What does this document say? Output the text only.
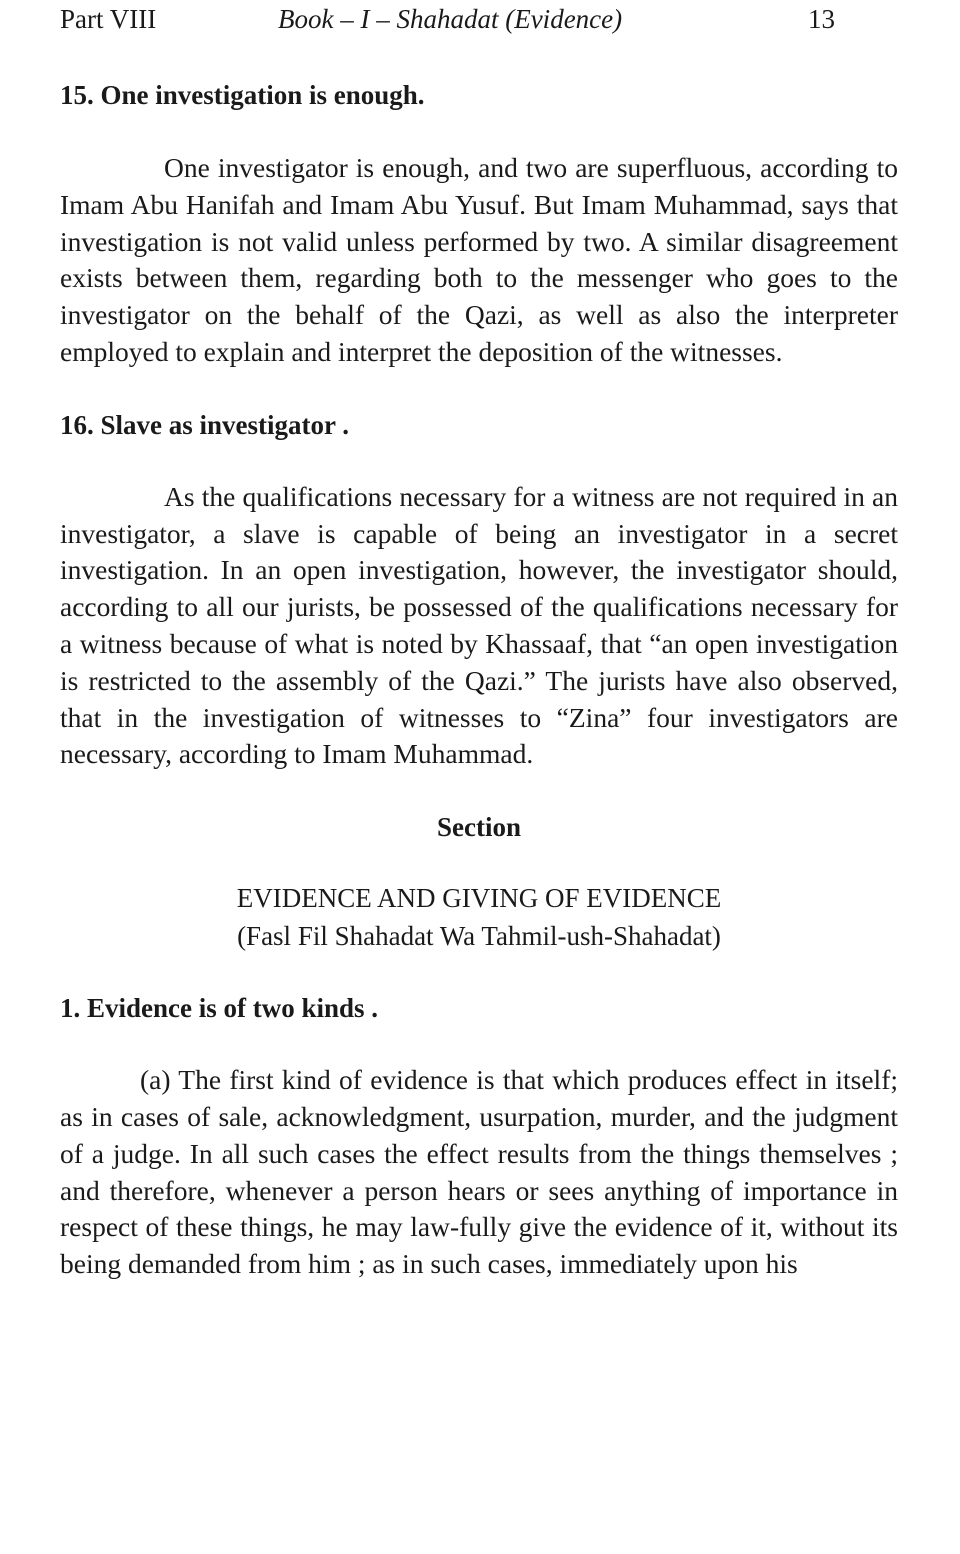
Part VIII	Book – I – Shahadat (Evidence)	13
15. One investigation is enough.

One investigator is enough, and two are superfluous, according to Imam Abu Hanifah and Imam Abu Yusuf. But Imam Muhammad, says that investigation is not valid unless performed by two. A similar disagreement exists between them, regarding both to the messenger who goes to the investigator on the behalf of the Qazi, as well as also the interpreter employed to explain and interpret the deposition of the witnesses.

16. Slave as investigator .

As the qualifications necessary for a witness are not required in an investigator, a slave is capable of being an investigator in a secret investigation. In an open investigation, however, the investigator should, according to all our jurists, be possessed of the qualifications necessary for a witness because of what is noted by Khassaaf, that “an open investigation is restricted to the assembly of the Qazi.” The jurists have also observed, that in the investigation of witnesses to “Zina” four investigators are necessary, according to Imam Muhammad.

Section
EVIDENCE AND GIVING OF EVIDENCE
(Fasl Fil Shahadat Wa Tahmil-ush-Shahadat)
1. Evidence is of two kinds .

(a) The first kind of evidence is that which produces effect in itself; as in cases of sale, acknowledgment, usurpation, murder, and the judgment of a judge. In all such cases the effect results from the things themselves ; and therefore, whenever a person hears or sees anything of importance in respect of these things, he may law-fully give the evidence of it, without its being demanded from him ; as in such cases, immediately upon his
